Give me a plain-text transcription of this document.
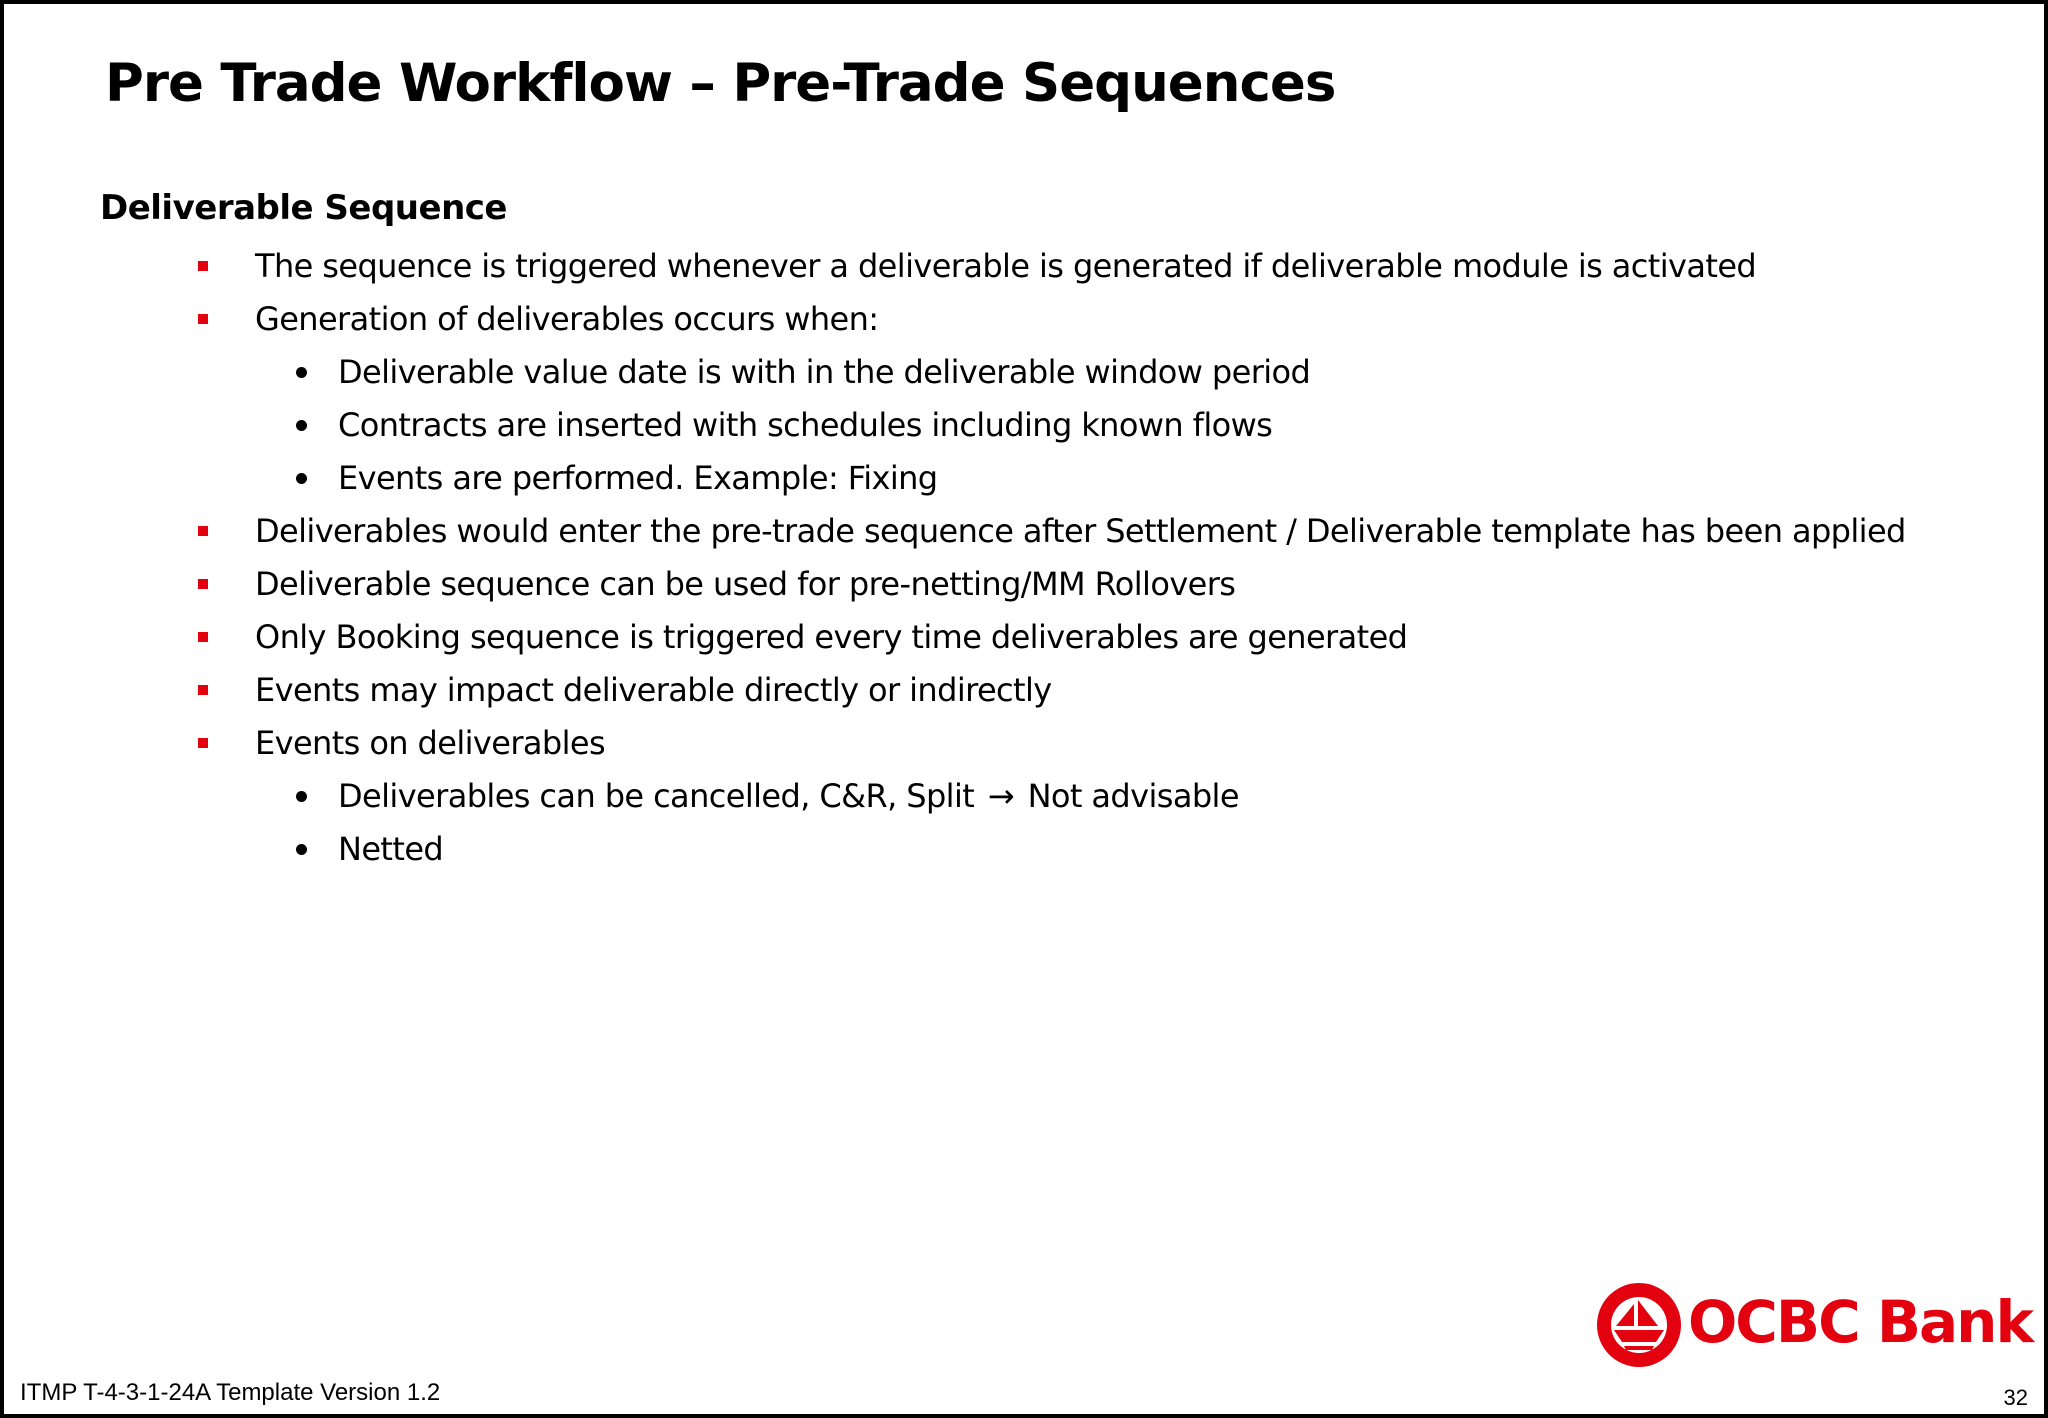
Pre Trade Workflow – Pre-Trade Sequences
Deliverable Sequence
The sequence is triggered whenever a deliverable is generated if deliverable module is activated
Generation of deliverables occurs when:
Deliverable value date is with in the deliverable window period
Contracts are inserted with schedules including known flows
Events are performed. Example: Fixing
Deliverables would enter the pre-trade sequence after Settlement / Deliverable template has been applied
Deliverable sequence can be used for pre-netting/MM Rollovers
Only Booking sequence is triggered every time deliverables are generated
Events may impact deliverable directly or indirectly
Events on deliverables
Deliverables can be cancelled, C&R, Split → Not advisable
Netted
OCBC Bank
ITMP T-4-3-1-24A Template Version 1.2	32
